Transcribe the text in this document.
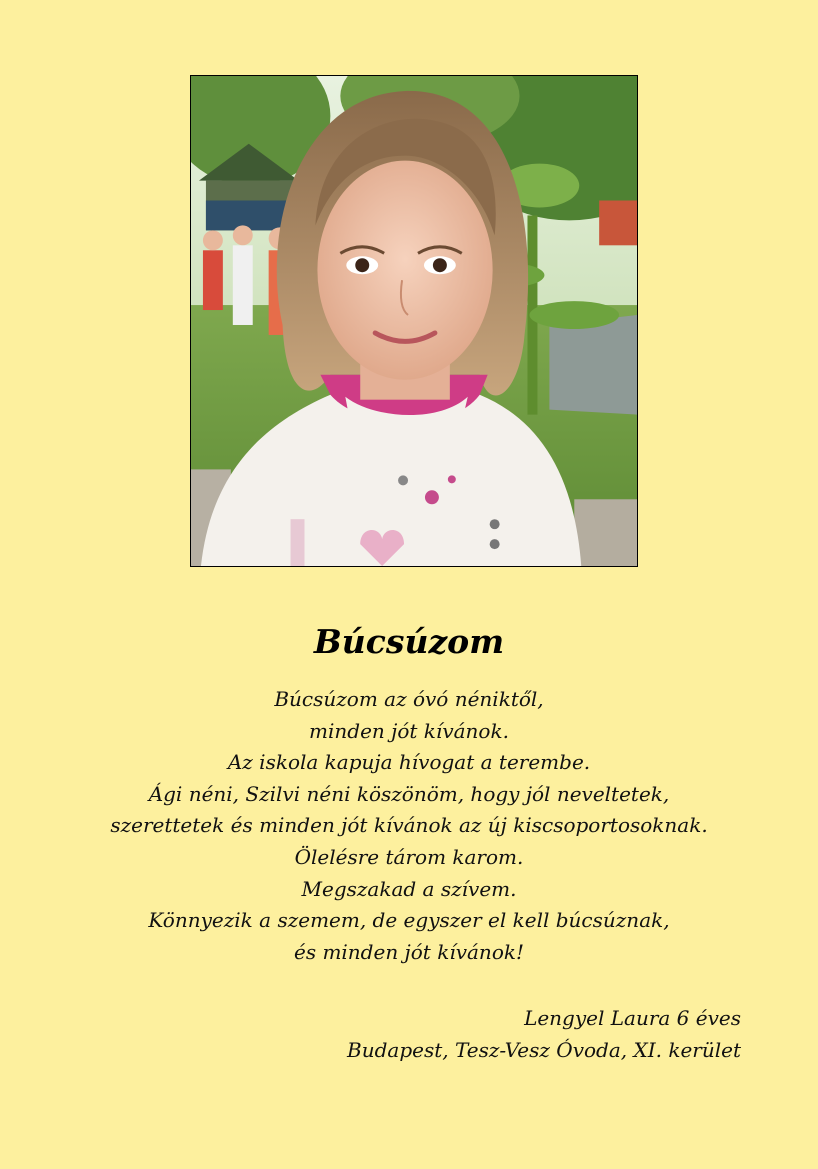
Búcsúzom
Búcsúzom az óvó néniktől,
minden jót kívánok.
Az iskola kapuja hívogat a terembe.
Ági néni, Szilvi néni köszönöm, hogy jól neveltetek,
szerettetek és minden jót kívánok az új kiscsoportosoknak.
Ölelésre tárom karom.
Megszakad a szívem.
Könnyezik a szemem, de egyszer el kell búcsúznak,
és minden jót kívánok!
Lengyel Laura 6 éves
Budapest, Tesz-Vesz Óvoda, XI. kerület
